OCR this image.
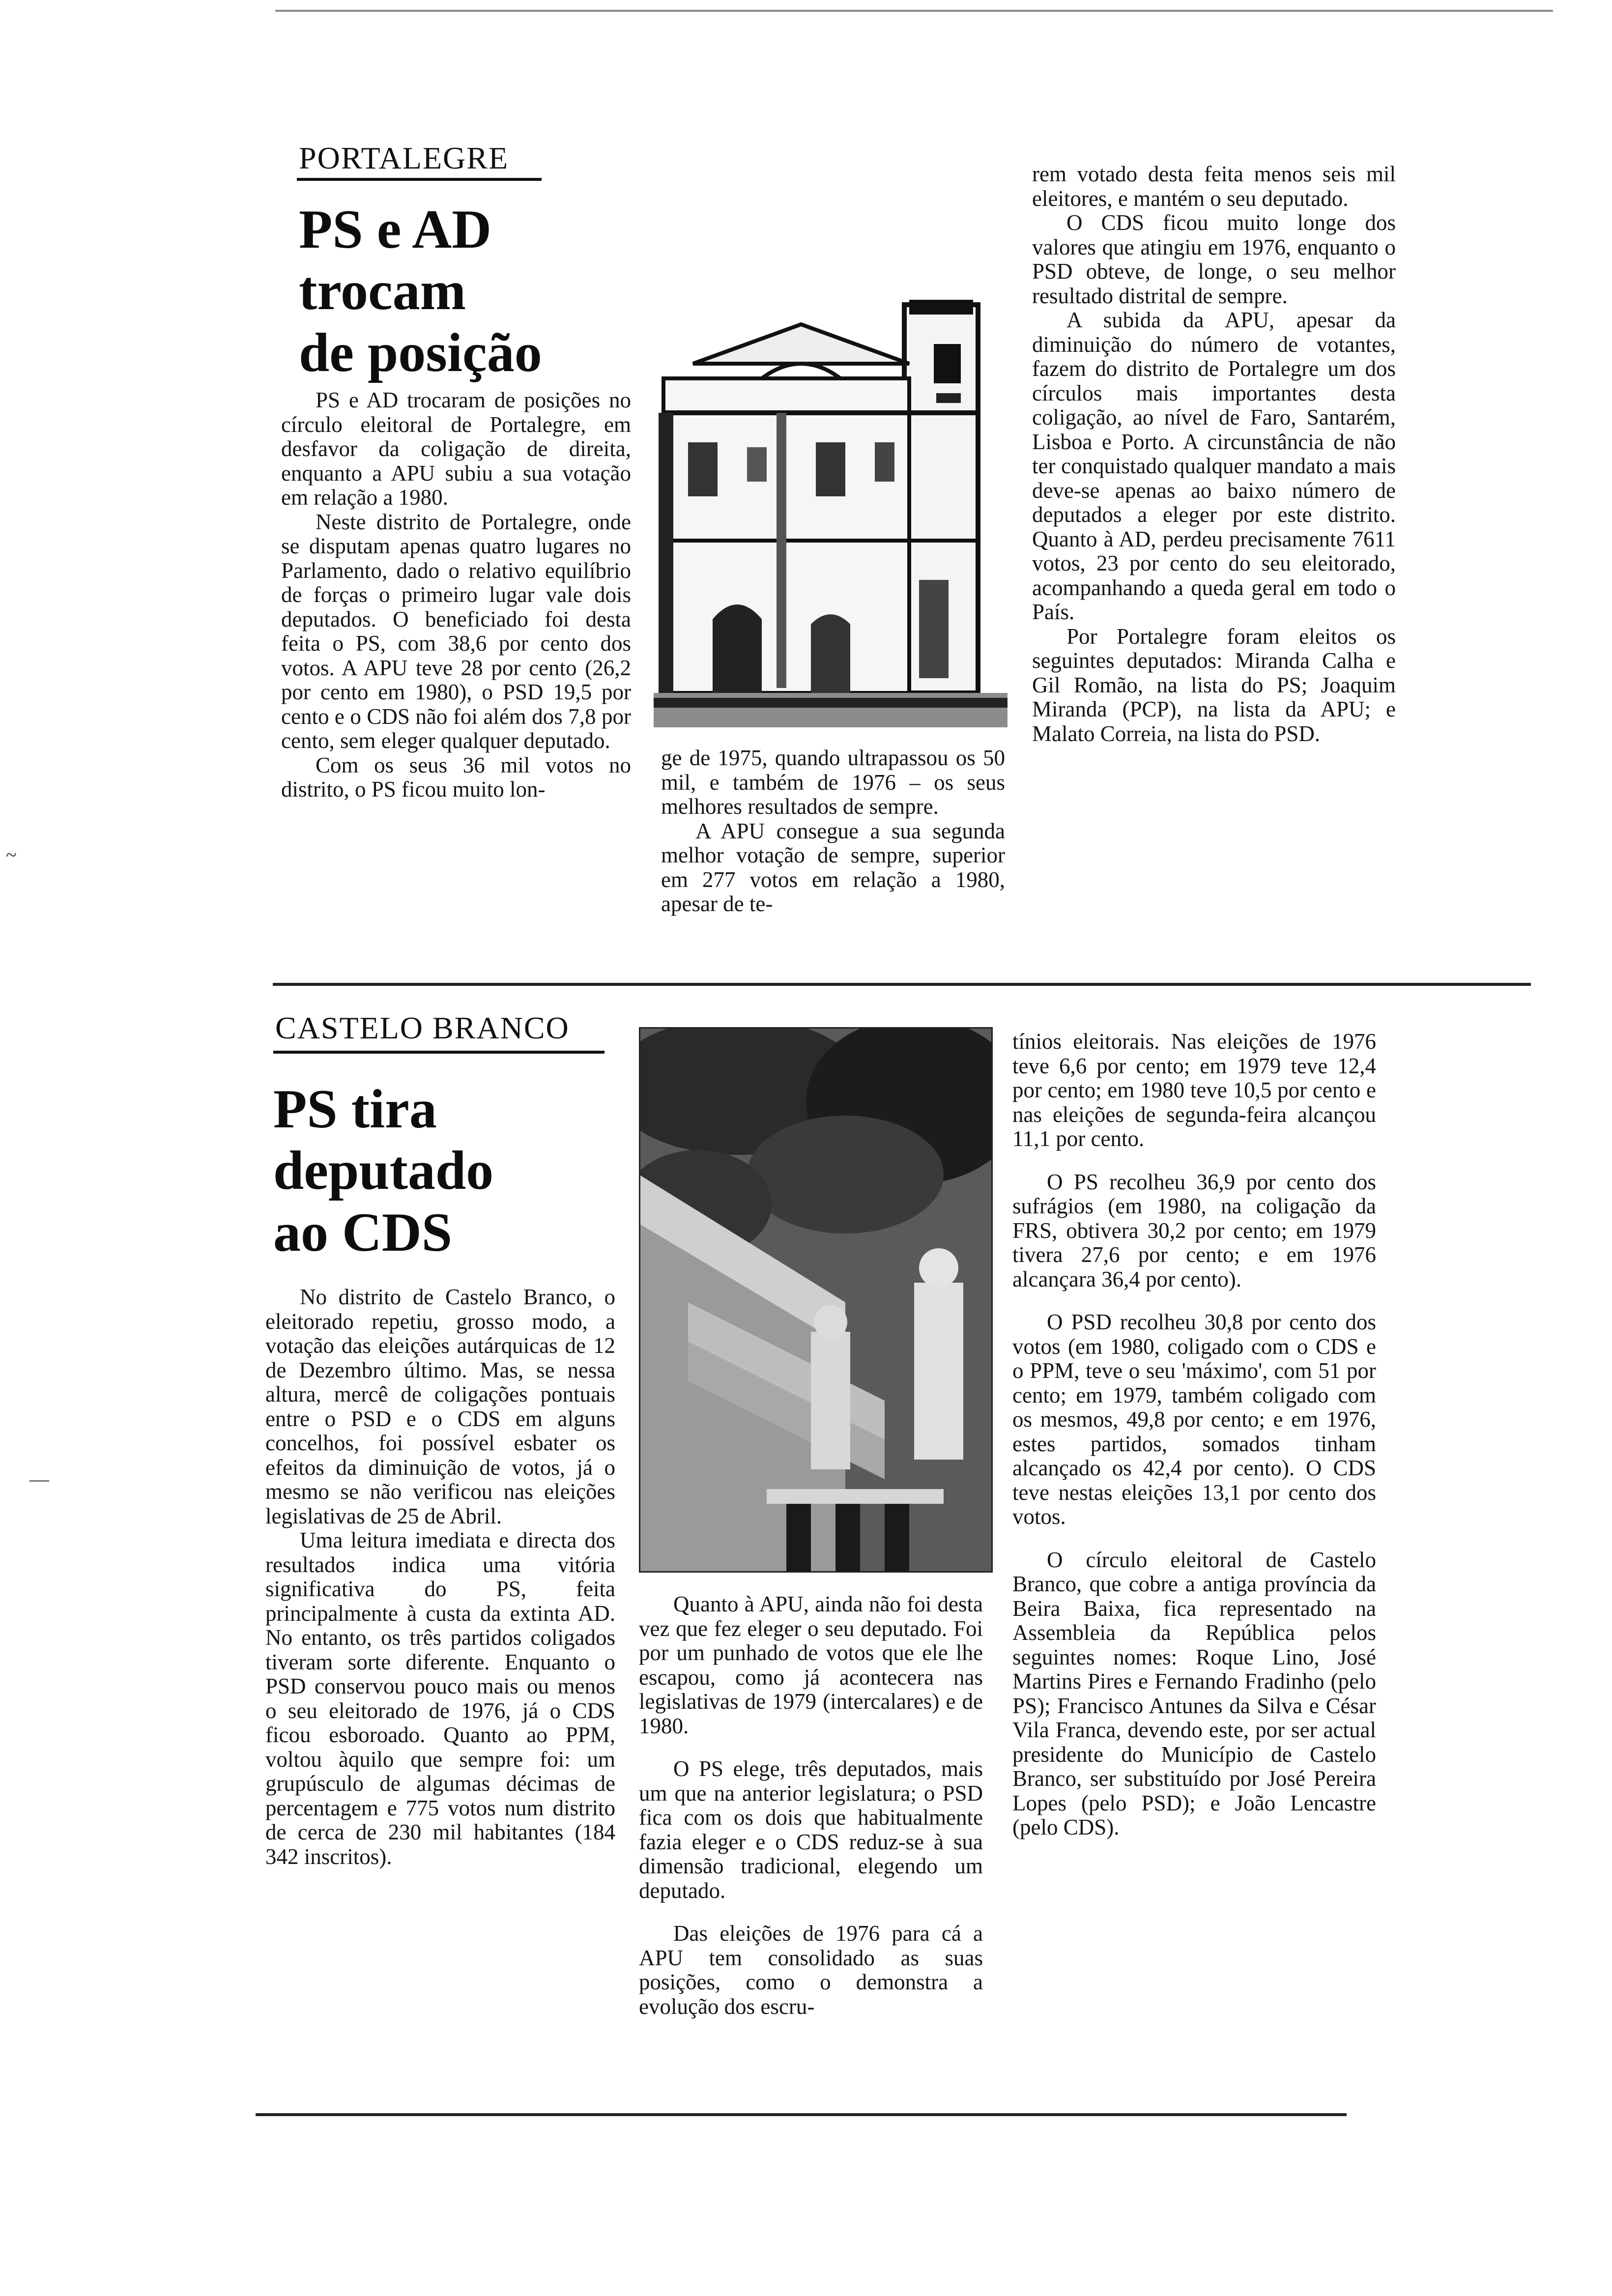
PORTALEGRE
PS e AD
trocam
de posição

PS e AD trocaram de posições no círculo eleitoral de Portalegre, em desfavor da coligação de direita, enquanto a APU subiu a sua votação em relação a 1980.

Neste distrito de Portalegre, onde se disputam apenas quatro lugares no Parlamento, dado o relativo equilíbrio de forças o primeiro lugar vale dois deputados. O beneficiado foi desta feita o PS, com 38,6 por cento dos votos. A APU teve 28 por cento (26,2 por cento em 1980), o PSD 19,5 por cento e o CDS não foi além dos 7,8 por cento, sem eleger qualquer deputado.

Com os seus 36 mil votos no distrito, o PS ficou muito lon-

ge de 1975, quando ultrapassou os 50 mil, e também de 1976 – os seus melhores resultados de sempre.

A APU consegue a sua segunda melhor votação de sempre, superior em 277 votos em relação a 1980, apesar de te-

rem votado desta feita menos seis mil eleitores, e mantém o seu deputado.

O CDS ficou muito longe dos valores que atingiu em 1976, enquanto o PSD obteve, de longe, o seu melhor resultado distrital de sempre.

A subida da APU, apesar da diminuição do número de votantes, fazem do distrito de Portalegre um dos círculos mais importantes desta coligação, ao nível de Faro, Santarém, Lisboa e Porto. A circunstância de não ter conquistado qualquer mandato a mais deve-se apenas ao baixo número de deputados a eleger por este distrito. Quanto à AD, perdeu precisamente 7611 votos, 23 por cento do seu eleitorado, acompanhando a queda geral em todo o País.

Por Portalegre foram eleitos os seguintes deputados: Miranda Calha e Gil Romão, na lista do PS; Joaquim Miranda (PCP), na lista da APU; e Malato Correia, na lista do PSD.

CASTELO BRANCO
PS tira
deputado
ao CDS

No distrito de Castelo Branco, o eleitorado repetiu, grosso modo, a votação das eleições autárquicas de 12 de Dezembro último. Mas, se nessa altura, mercê de coligações pontuais entre o PSD e o CDS em alguns concelhos, foi possível esbater os efeitos da diminuição de votos, já o mesmo se não verificou nas eleições legislativas de 25 de Abril.

Uma leitura imediata e directa dos resultados indica uma vitória significativa do PS, feita principalmente à custa da extinta AD. No entanto, os três partidos coligados tiveram sorte diferente. Enquanto o PSD conservou pouco mais ou menos o seu eleitorado de 1976, já o CDS ficou esboroado. Quanto ao PPM, voltou àquilo que sempre foi: um grupúsculo de algumas décimas de percentagem e 775 votos num distrito de cerca de 230 mil habitantes (184 342 inscritos).

Quanto à APU, ainda não foi desta vez que fez eleger o seu deputado. Foi por um punhado de votos que ele lhe escapou, como já acontecera nas legislativas de 1979 (intercalares) e de 1980.

O PS elege, três deputados, mais um que na anterior legislatura; o PSD fica com os dois que habitualmente fazia eleger e o CDS reduz-se à sua dimensão tradicional, elegendo um deputado.

Das eleições de 1976 para cá a APU tem consolidado as suas posições, como o demonstra a evolução dos escru-

tínios eleitorais. Nas eleições de 1976 teve 6,6 por cento; em 1979 teve 12,4 por cento; em 1980 teve 10,5 por cento e nas eleições de segunda-feira alcançou 11,1 por cento.

O PS recolheu 36,9 por cento dos sufrágios (em 1980, na coligação da FRS, obtivera 30,2 por cento; em 1979 tivera 27,6 por cento; e em 1976 alcançara 36,4 por cento).

O PSD recolheu 30,8 por cento dos votos (em 1980, coligado com o CDS e o PPM, teve o seu 'máximo', com 51 por cento; em 1979, também coligado com os mesmos, 49,8 por cento; e em 1976, estes partidos, somados tinham alcançado os 42,4 por cento). O CDS teve nestas eleições 13,1 por cento dos votos.

O círculo eleitoral de Castelo Branco, que cobre a antiga província da Beira Baixa, fica representado na Assembleia da República pelos seguintes nomes: Roque Lino, José Martins Pires e Fernando Fradinho (pelo PS); Francisco Antunes da Silva e César Vila Franca, devendo este, por ser actual presidente do Município de Castelo Branco, ser substituído por José Pereira Lopes (pelo PSD); e João Lencastre (pelo CDS).

~
—
